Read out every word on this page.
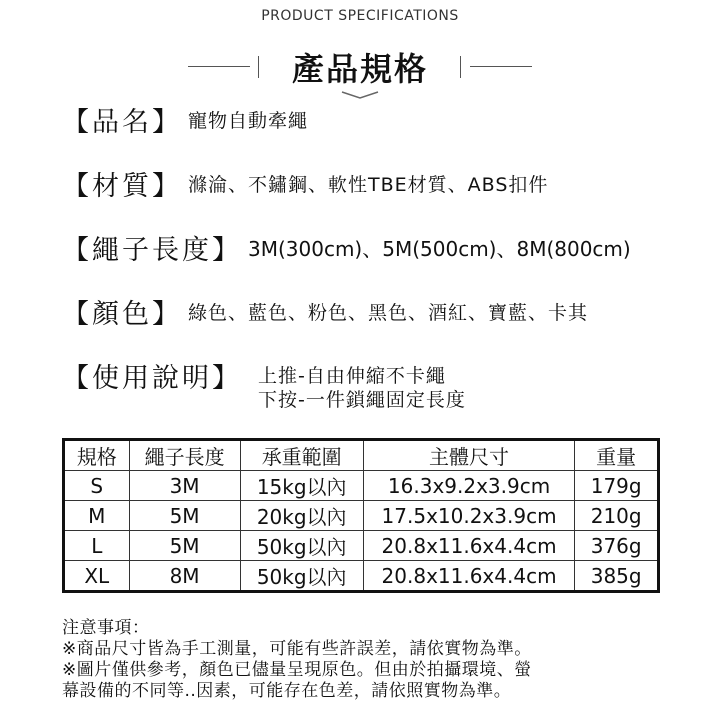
PRODUCT SPECIFICATIONS
產品規格
【品名】 寵物自動牽繩
【材質】 滌淪、不鏽鋼、軟性TBE材質、ABS扣件
【繩子長度】 3M(300cm)、5M(500cm)、8M(800cm)
【顏色】 綠色、藍色、粉色、黑色、酒紅、寶藍、卡其
【使用說明】 上推-自由伸縮不卡繩
下按-一件鎖繩固定長度
規格	繩子長度	承重範圍	主體尺寸	重量
S	3M	15kg以內	16.3x9.2x3.9cm	179g
M	5M	20kg以內	17.5x10.2x3.9cm	210g
L	5M	50kg以內	20.8x11.6x4.4cm	376g
XL	8M	50kg以內	20.8x11.6x4.4cm	385g
注意事項：
※商品尺寸皆為手工測量，可能有些許誤差，請依實物為準。
※圖片僅供參考，顏色已儘量呈現原色。但由於拍攝環境、螢
幕設備的不同等..因素，可能存在色差，請依照實物為準。
